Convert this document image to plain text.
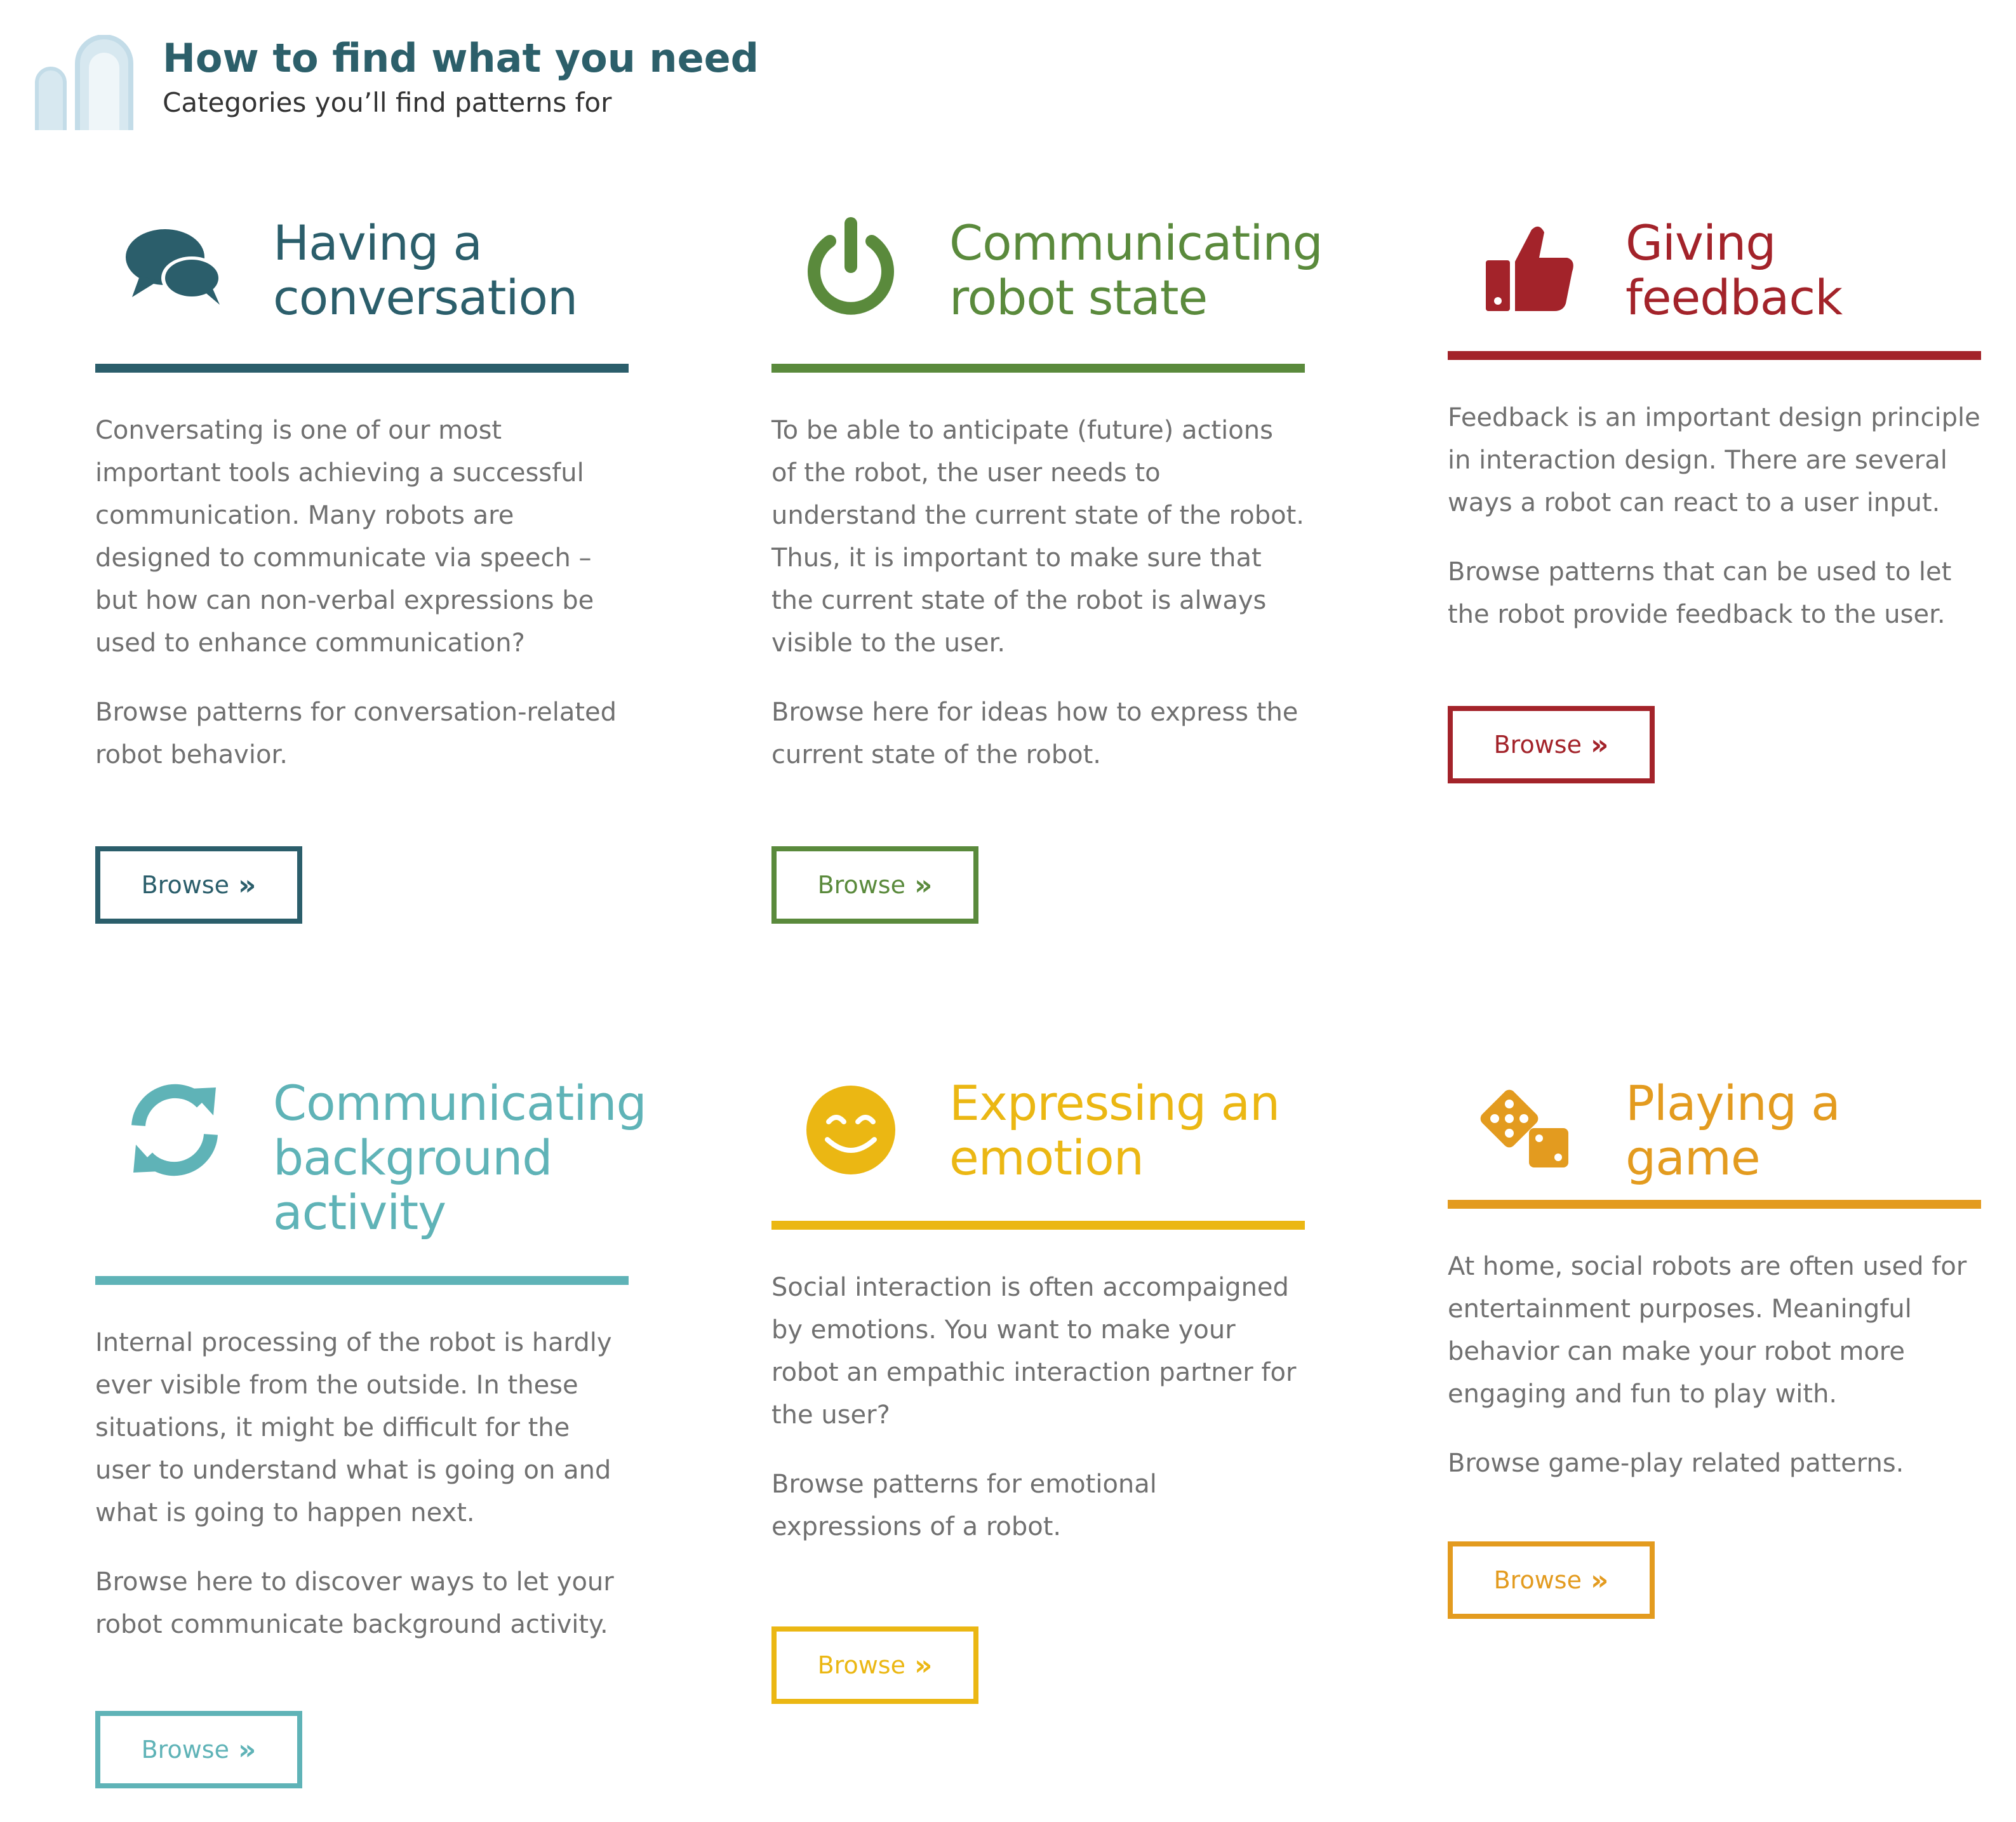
How to find what you need
Categories you’ll find patterns for
Having a
conversation

Conversating is one of our most important tools achieving a successful communication. Many robots are designed to communicate via speech – but how can non-verbal expressions be used to enhance communication?

Browse patterns for conversation-related robot behavior.

Browse »
Communicating
robot state

To be able to anticipate (future) actions of the robot, the user needs to understand the current state of the robot. Thus, it is important to make sure that the current state of the robot is always visible to the user.

Browse here for ideas how to express the current state of the robot.

Browse »
Giving feedback

Feedback is an important design principle in interaction design. There are several ways a robot can react to a user input.

Browse patterns that can be used to let the robot provide feedback to the user.

Browse »
Communicating
background
activity

Internal processing of the robot is hardly ever visible from the outside. In these situations, it might be difficult for the user to understand what is going on and what is going to happen next.

Browse here to discover ways to let your robot communicate background activity.

Browse »
Expressing an
emotion

Social interaction is often accompaigned by emotions. You want to make your robot an empathic interaction partner for the user?

Browse patterns for emotional expressions of a robot.

Browse »
Playing a game

At home, social robots are often used for entertainment purposes. Meaningful behavior can make your robot more engaging and fun to play with.

Browse game-play related patterns.

Browse »
